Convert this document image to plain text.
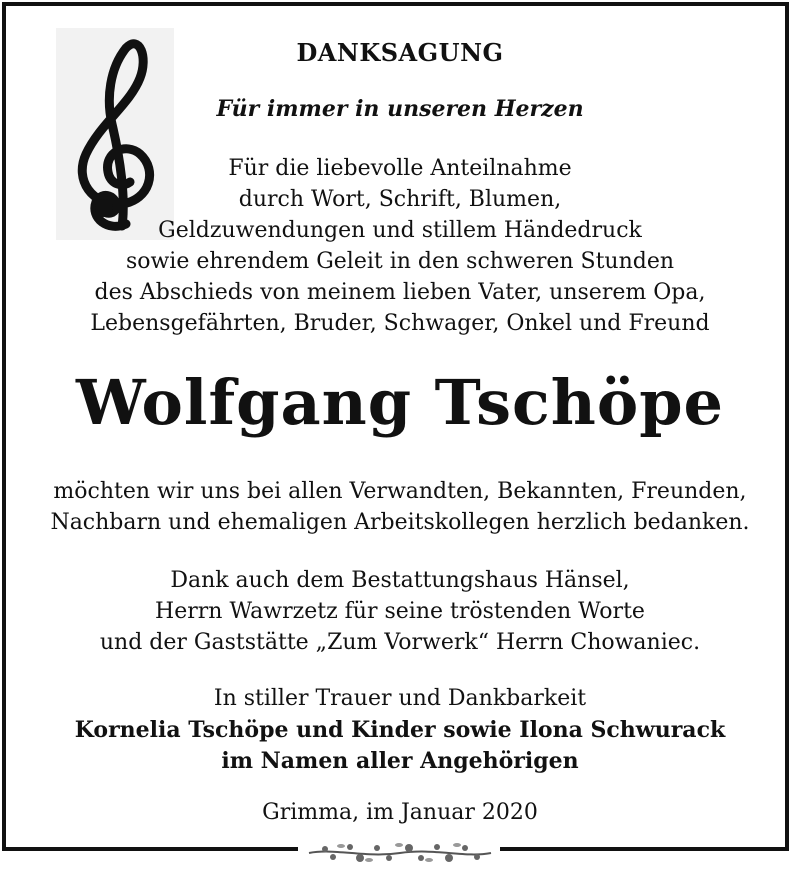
DANKSAGUNG
Für immer in unseren Herzen
Für die liebevolle Anteilnahme
durch Wort, Schrift, Blumen,
Geldzuwendungen und stillem Händedruck
sowie ehrendem Geleit in den schweren Stunden
des Abschieds von meinem lieben Vater, unserem Opa,
Lebensgefährten, Bruder, Schwager, Onkel und Freund
Wolfgang Tschöpe
möchten wir uns bei allen Verwandten, Bekannten, Freunden,
Nachbarn und ehemaligen Arbeitskollegen herzlich bedanken.
Dank auch dem Bestattungshaus Hänsel,
Herrn Wawrzetz für seine tröstenden Worte
und der Gaststätte „Zum Vorwerk“ Herrn Chowaniec.
In stiller Trauer und Dankbarkeit
Kornelia Tschöpe und Kinder sowie Ilona Schwurack
im Namen aller Angehörigen
Grimma, im Januar 2020
